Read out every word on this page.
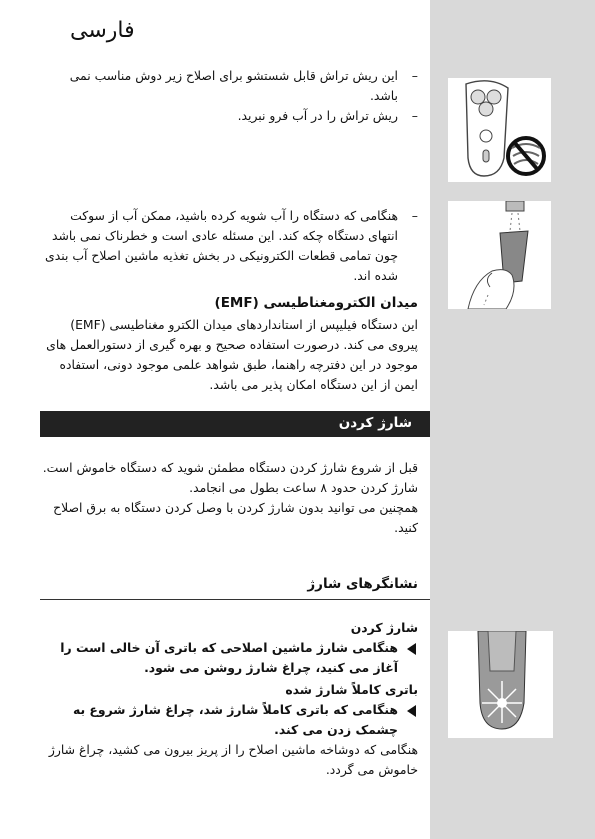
فارسی

– این ریش تراش قابل شستشو برای اصلاح زیر دوش مناسب نمی باشد.

– ریش تراش را در آب فرو نبرید.

– هنگامی که دستگاه را آب شویه کرده باشید، ممکن آب از سوکت انتهای دستگاه چکه کند. این مسئله عادی است و خطرناک نمی باشد چون تمامی قطعات الکترونیکی در بخش تغذیه ماشین اصلاح آب بندی شده اند.

میدان الکترومغناطیسی (EMF)

این دستگاه فیلیپس از استانداردهای میدان الکترو مغناطیسی (EMF) پیروی می کند. درصورت استفاده صحیح و بهره گیری از دستورالعمل های موجود در این دفترچه راهنما، طبق شواهد علمی موجود دونی، استفاده ایمن از این دستگاه امکان پذیر می باشد.

شارژ کردن

قبل از شروع شارژ کردن دستگاه مطمئن شوید که دستگاه خاموش است.

شارژ کردن حدود ۸ ساعت بطول می انجامد.

همچنین می توانید بدون شارژ کردن با وصل کردن دستگاه به برق اصلاح کنید.

نشانگرهای شارژ

شارژ کردن

هنگامی شارژ ماشین اصلاحی که باتری آن خالی است را آغاز می کنید، چراغ شارژ روشن می شود.

باتری کاملاً شارژ شده

هنگامی که باتری کاملاً شارژ شد، چراغ شارژ شروع به چشمک زدن می کند.

هنگامی که دوشاخه ماشین اصلاح را از پریز بیرون می کشید، چراغ شارژ خاموش می گردد.
